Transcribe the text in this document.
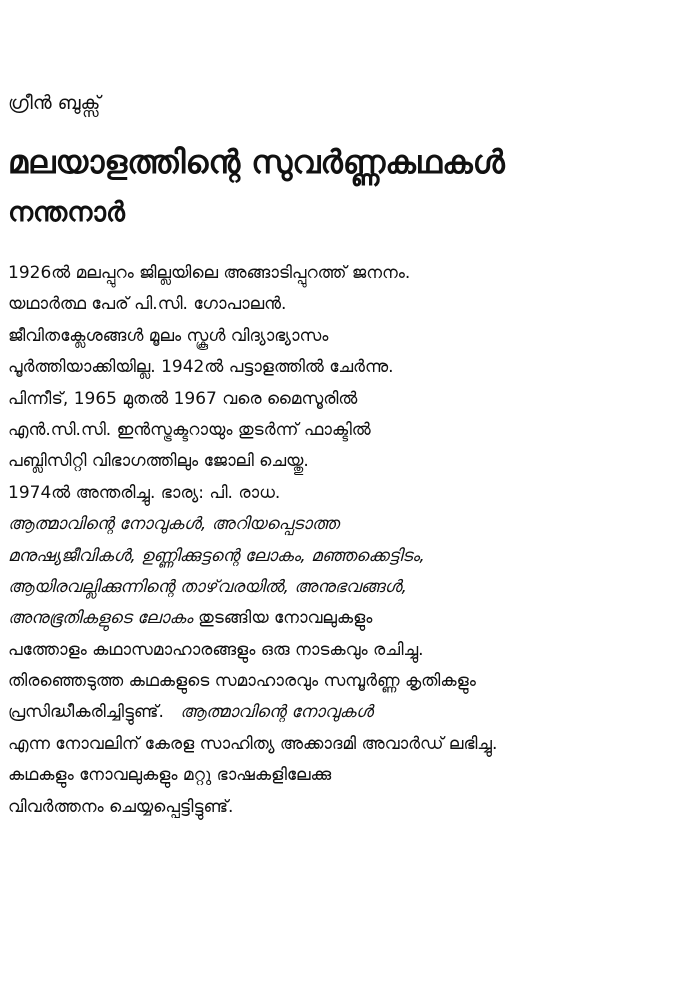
ഗ്രീൻ ബുക്സ്
മലയാളത്തിന്റെ സുവർണ്ണകഥകൾ
നന്തനാർ
1926ൽ മലപ്പുറം ജില്ലയിലെ അങ്ങാടിപ്പുറത്ത് ജനനം.
യഥാർത്ഥ പേര് പി.സി. ഗോപാലൻ.
ജീവിതക്ലേശങ്ങൾ മൂലം സ്കൂൾ വിദ്യാഭ്യാസം
പൂർത്തിയാക്കിയില്ല. 1942ൽ പട്ടാളത്തിൽ ചേർന്നു.
പിന്നീട്, 1965 മുതൽ 1967 വരെ മൈസൂരിൽ
എൻ.സി.സി. ഇൻസ്ട്രക്ടറായും തുടർന്ന് ഫാക്ടിൽ
പബ്ലിസിറ്റി വിഭാഗത്തിലും ജോലി ചെയ്തു.
1974ൽ അന്തരിച്ചു. ഭാര്യ: പി. രാധ.
ആത്മാവിന്റെ നോവുകൾ, അറിയപ്പെടാത്ത
മനുഷ്യജീവികൾ, ഉണ്ണിക്കുട്ടന്റെ ലോകം, മഞ്ഞക്കെട്ടിടം,
ആയിരവല്ലിക്കുന്നിന്റെ താഴ്‌വരയിൽ, അനുഭവങ്ങൾ,
അനുഭൂതികളുടെ ലോകം തുടങ്ങിയ നോവലുകളും
പത്തോളം കഥാസമാഹാരങ്ങളും ഒരു നാടകവും രചിച്ചു.
തിരഞ്ഞെടുത്ത കഥകളുടെ സമാഹാരവും സമ്പൂർണ്ണ കൃതികളും
പ്രസിദ്ധീകരിച്ചിട്ടുണ്ട്. ആത്മാവിന്റെ നോവുകൾ
എന്ന നോവലിന് കേരള സാഹിത്യ അക്കാദമി അവാർഡ് ലഭിച്ചു.
കഥകളും നോവലുകളും മറ്റു ഭാഷകളിലേക്കു
വിവർത്തനം ചെയ്യപ്പെട്ടിട്ടുണ്ട്.
